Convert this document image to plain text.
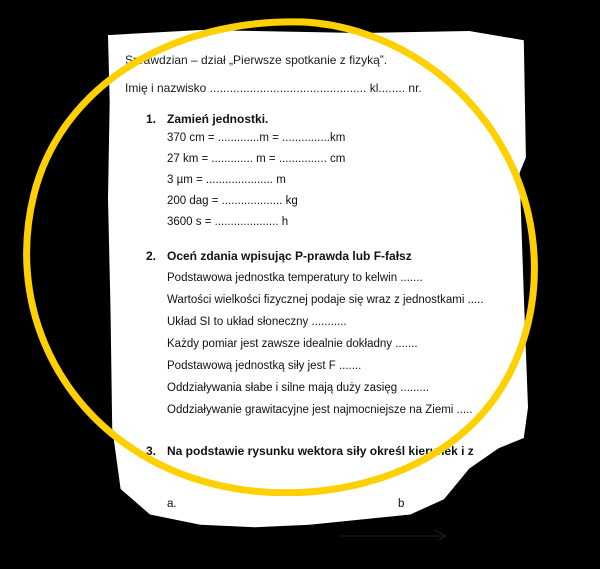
Sprawdzian – dział „Pierwsze spotkanie z fizyką”.
Imię i nazwisko ............................................... kl........ nr.
1. Zamień jednostki.
370 cm = .............m = ...............km
27 km = ............. m = ............... cm
3 µm = ..................... m
200 dag = ................... kg
3600 s = .................... h
2. Oceń zdania wpisując P-prawda lub F-fałsz
Podstawowa jednostka temperatury to kelwin .......
Wartości wielkości fizycznej podaje się wraz z jednostkami .....
Układ SI to układ słoneczny ...........
Każdy pomiar jest zawsze idealnie dokładny .......
Podstawową jednostką siły jest F .......
Oddziaływania słabe i silne mają duży zasięg .........
Oddziaływanie grawitacyjne jest najmocniejsze na Ziemi .....
3. Na podstawie rysunku wektora siły określ kierunek i z
a.	b
